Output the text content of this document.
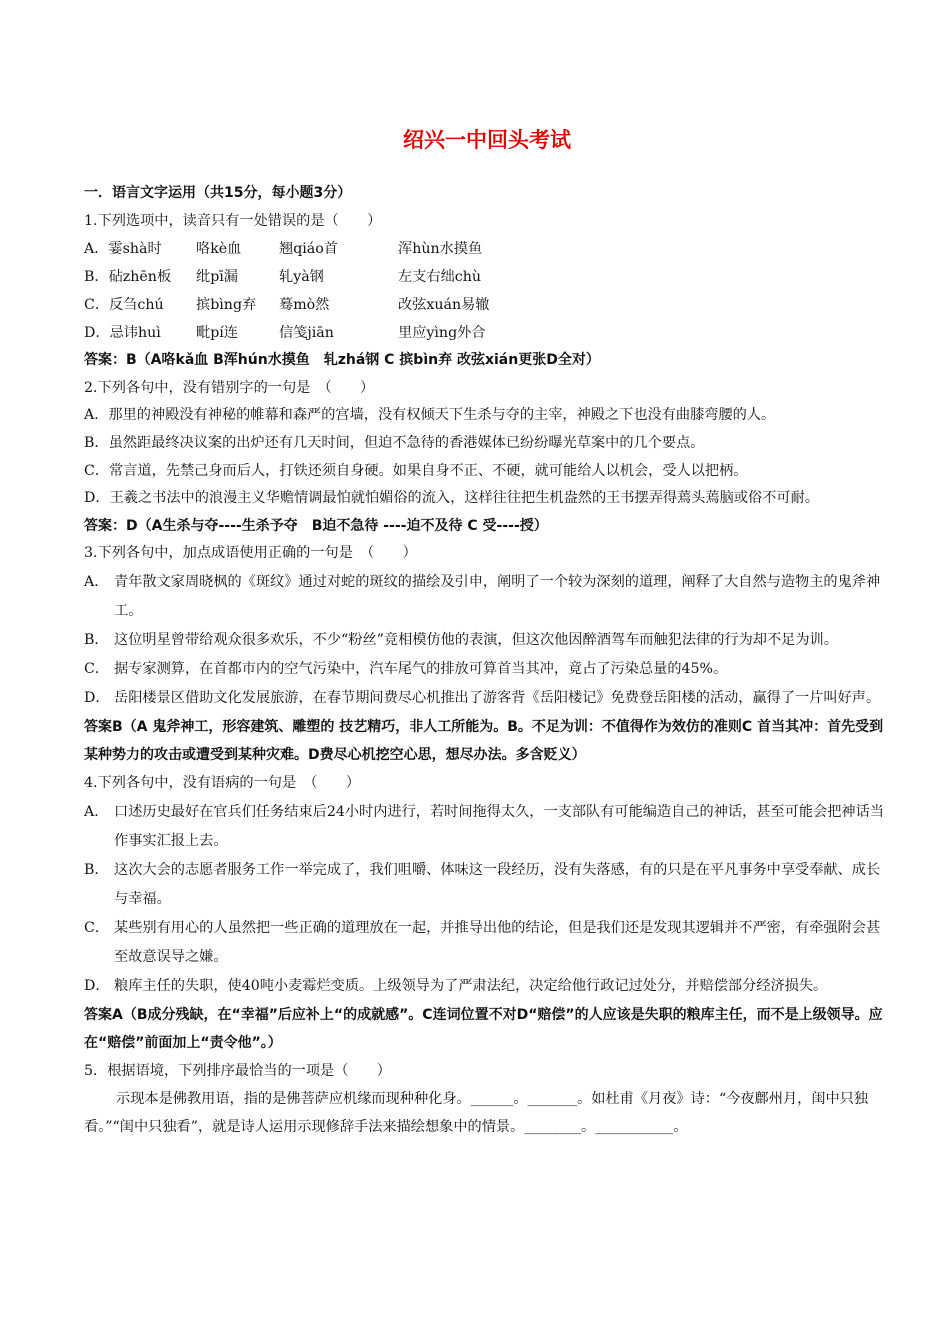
绍兴一中回头考试
一．语言文字运用（共15分，每小题3分）
1.下列选项中，读音只有一处错误的是（　　）
A．霎shà时	咯kè血	翘qiáo首	浑hùn水摸鱼
B．砧zhēn板	纰pī漏	轧yà钢	左支右绌chù
C．反刍chú	摈bìng弃	蓦mò然	改弦xuán易辙
D．忌讳huì	毗pí连	信笺jiān	里应yìng外合
答案：B（A咯kǎ血 B浑hún水摸鱼　轧zhá钢 C 摈bìn弃 改弦xián更张D全对）
2.下列各句中，没有错别字的一句是　（　　）
A．那里的神殿没有神秘的帷幕和森严的宫墙，没有权倾天下生杀与夺的主宰，神殿之下也没有曲膝弯腰的人。
B．虽然距最终决议案的出炉还有几天时间，但迫不急待的香港媒体已纷纷曝光草案中的几个要点。
C．常言道，先禁己身而后人，打铁还须自身硬。如果自身不正、不硬，就可能给人以机会，受人以把柄。
D．王羲之书法中的浪漫主义华赡情调最怕就怕媚俗的流入，这样往往把生机盎然的王书摆弄得蔫头蔫脑或俗不可耐。
答案：D（A生杀与夺----生杀予夺　B迫不急待 ----迫不及待 C 受----授）
3.下列各句中，加点成语使用正确的一句是　（　　）
A． 青年散文家周晓枫的《斑纹》通过对蛇的斑纹的描绘及引申，阐明了一个较为深刻的道理，阐释了大自然与造物主的鬼斧神工。
B． 这位明星曾带给观众很多欢乐，不少“粉丝”竞相模仿他的表演，但这次他因醉酒驾车而触犯法律的行为却不足为训。
C． 据专家测算，在首都市内的空气污染中，汽车尾气的排放可算首当其冲，竟占了污染总量的45%。
D． 岳阳楼景区借助文化发展旅游，在春节期间费尽心机推出了游客背《岳阳楼记》免费登岳阳楼的活动，赢得了一片叫好声。
答案B（A 鬼斧神工，形容建筑、雕塑的 技艺精巧，非人工所能为。B。不足为训：不值得作为效仿的准则C 首当其冲：首先受到某种势力的攻击或遭受到某种灾难。D费尽心机挖空心思，想尽办法。多含贬义）
4.下列各句中，没有语病的一句是　（　　）
A． 口述历史最好在官兵们任务结束后24小时内进行，若时间拖得太久，一支部队有可能编造自己的神话，甚至可能会把神话当作事实汇报上去。
B． 这次大会的志愿者服务工作一举完成了，我们咀嚼、体味这一段经历，没有失落感，有的只是在平凡事务中享受奉献、成长与幸福。
C． 某些别有用心的人虽然把一些正确的道理放在一起，并推导出他的结论，但是我们还是发现其逻辑并不严密，有牵强附会甚至故意误导之嫌。
D． 粮库主任的失职，使40吨小麦霉烂变质。上级领导为了严肃法纪，决定给他行政记过处分，并赔偿部分经济损失。
答案A（B成分残缺，在“幸福”后应补上“的成就感”。C连词位置不对D“赔偿”的人应该是失职的粮库主任，而不是上级领导。应在“赔偿”前面加上“责令他”。）
5．根据语境，下列排序最恰当的一项是（　　）
示现本是佛教用语，指的是佛菩萨应机缘而现种种化身。______。_______。如杜甫《月夜》诗：“今夜鄜州月，闺中只独看。”“闺中只独看”，就是诗人运用示现修辞手法来描绘想象中的情景。________。___________。
